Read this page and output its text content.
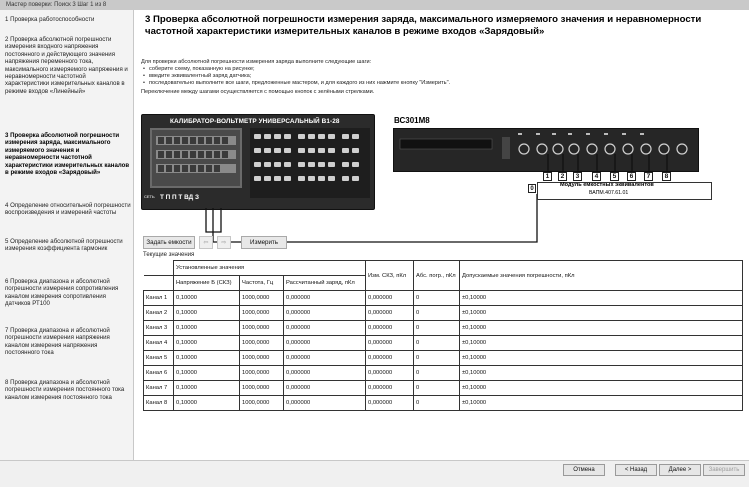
Мастер поверки: Поиск 3 Шаг 1 из 8
1 Проверка работоспособности
2 Проверка абсолютной погрешности измерения входного напряжения постоянного и действующего значения напряжения переменного тока, максимального измеряемого напряжения и неравномерности частотной характеристики измерительных каналов в режиме входов «Линейный»
3 Проверка абсолютной погрешности измерения заряда, максимального измеряемого значения и неравномерности частотной характеристики измерительных каналов в режиме входов «Зарядовый»
4 Определение относительной погрешности воспроизведения и измерений частоты
5 Определение абсолютной погрешности измерения коэффициента гармоник
6 Проверка диапазона и абсолютной погрешности измерения сопротивления каналом измерения сопротивления датчиков РТ100
7 Проверка диапазона и абсолютной погрешности измерения напряжения каналом измерения напряжения постоянного тока
8 Проверка диапазона и абсолютной погрешности измерения постоянного тока каналом измерения постоянного тока
3 Проверка абсолютной погрешности измерения заряда, максимального измеряемого значения и неравномерности частотной характеристики измерительных каналов в режиме входов «Зарядовый»
Для проверки абсолютной погрешности измерения заряда выполните следующие шаги:
• соберите схему, показанную на рисунке;
• введите эквивалентный заряд датчика;
• последовательно выполните все шаги, предложенные мастером, и для каждого из них нажмите кнопку "Измерить".
Переключение между шагами осуществляется с помощью кнопок с зелёными стрелками.
КАЛИБРАТОР-ВОЛЬТМЕТР УНИВЕРСАЛЬНЫЙ В1-28
СЕТЬ Т П П Т ВД З
ВС301М8
1	2	3	4	5	6	7	8
0
Модуль емкостных эквивалентов
ВАПМ.407.61.01
Задать емкости	⇦	⇨	Измерить
Текущие значения
	Установленные значения			Изм. СКЗ, пКл	Абс. погр., пКл	Допускаемые значения погрешности, пКл
	Напряжение Б (СКЗ)	Частота, Гц	Рассчитанный заряд, пКл			
Канал 1	0,10000	1000,0000	0,000000	0,000000	0	±0,10000
Канал 2	0,10000	1000,0000	0,000000	0,000000	0	±0,10000
Канал 3	0,10000	1000,0000	0,000000	0,000000	0	±0,10000
Канал 4	0,10000	1000,0000	0,000000	0,000000	0	±0,10000
Канал 5	0,10000	1000,0000	0,000000	0,000000	0	±0,10000
Канал 6	0,10000	1000,0000	0,000000	0,000000	0	±0,10000
Канал 7	0,10000	1000,0000	0,000000	0,000000	0	±0,10000
Канал 8	0,10000	1000,0000	0,000000	0,000000	0	±0,10000
Отмена	< Назад	Далее >	Завершить
